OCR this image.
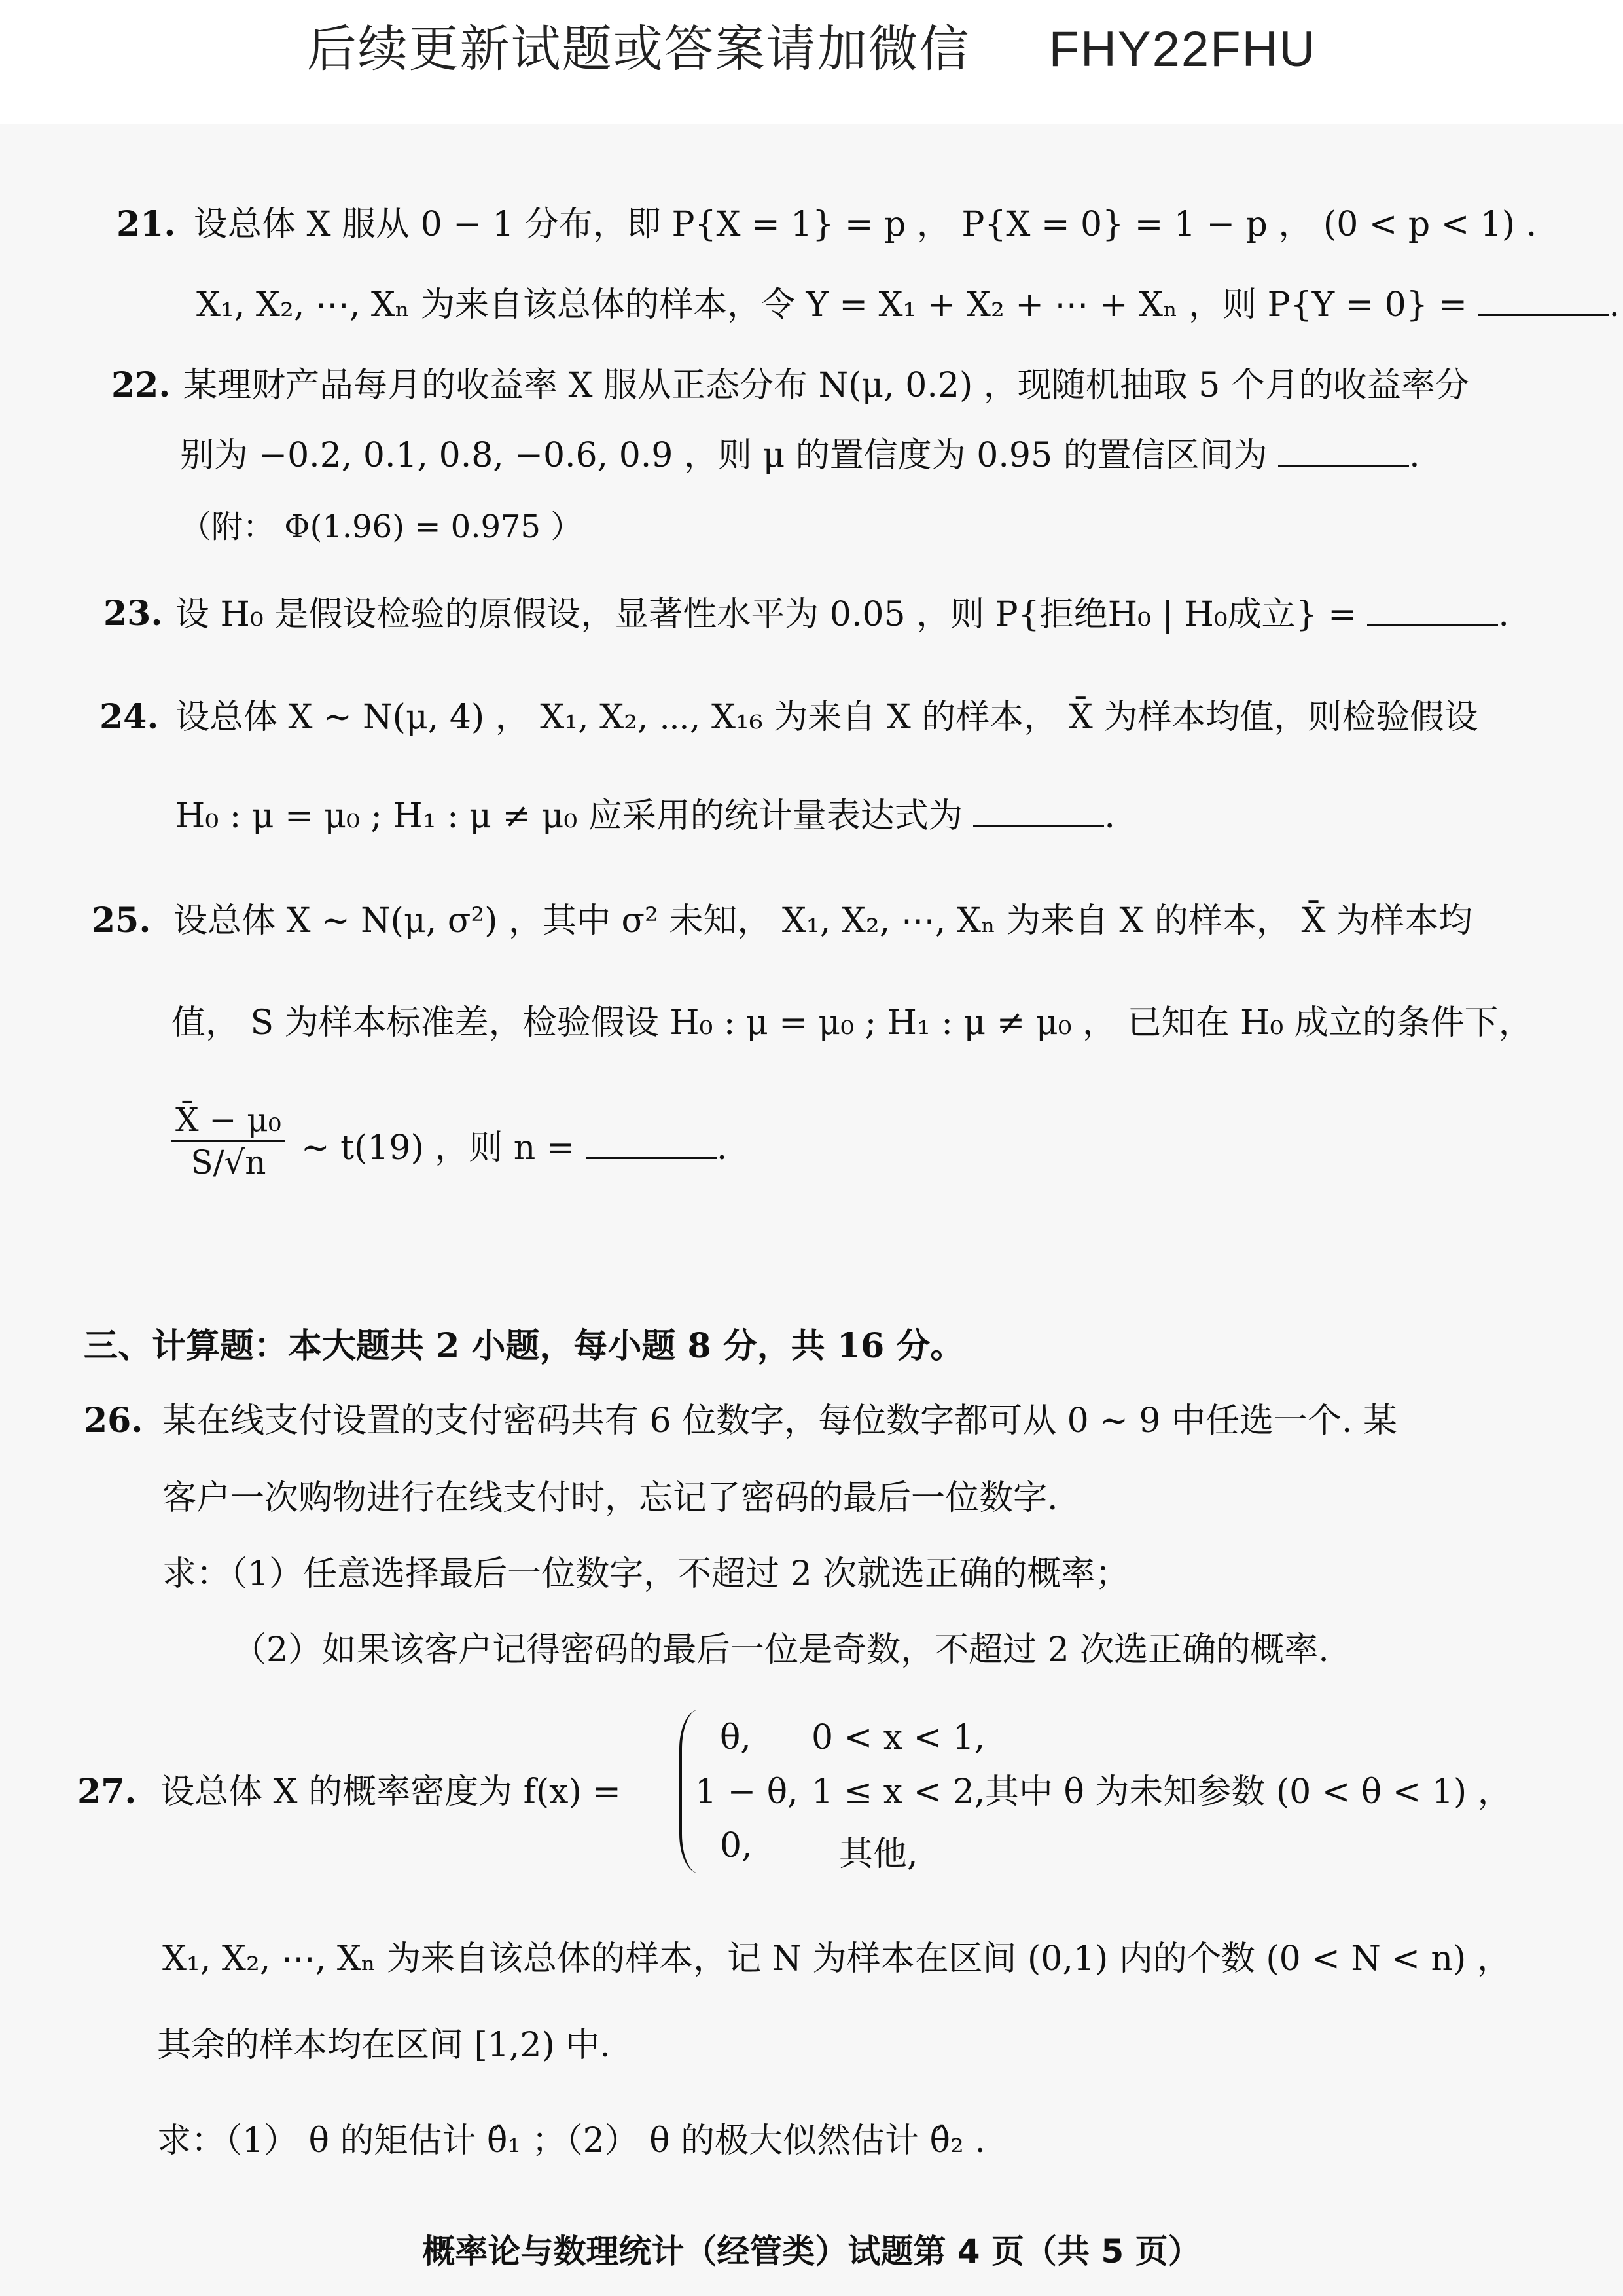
后续更新试题或答案请加微信 FHY22FHU
21. 设总体 X 服从 0 − 1 分布，即 P{X = 1} = p ， P{X = 0} = 1 − p ， (0 < p < 1) .
X₁, X₂, ⋯, Xₙ 为来自该总体的样本，令 Y = X₁ + X₂ + ⋯ + Xₙ ，则 P{Y = 0} =	.
22. 某理财产品每月的收益率 X 服从正态分布 N(μ, 0.2) ，现随机抽取 5 个月的收益率分
别为 −0.2, 0.1, 0.8, −0.6, 0.9 ，则 μ 的置信度为 0.95 的置信区间为	.
（附： Φ(1.96) = 0.975 ）
23. 设 H₀ 是假设检验的原假设，显著性水平为 0.05 ，则 P{拒绝H₀ | H₀成立} =	.
24. 设总体 X ~ N(μ, 4) ， X₁, X₂, ⋯, X₁₆ 为来自 X 的样本， X̄ 为样本均值，则检验假设
H₀ : μ = μ₀ ; H₁ : μ ≠ μ₀ 应采用的统计量表达式为	.
25. 设总体 X ~ N(μ, σ²) ，其中 σ² 未知， X₁, X₂, ⋯, Xₙ 为来自 X 的样本， X̄ 为样本均
值， S 为样本标准差，检验假设 H₀ : μ = μ₀ ; H₁ : μ ≠ μ₀ ， 已知在 H₀ 成立的条件下，
$\frac{\text{X̄ − μ₀}}{S/√n}$ ~ t(19) ，则 n =	.
三、计算题：本大题共 2 小题，每小题 8 分，共 16 分。
26. 某在线支付设置的支付密码共有 6 位数字，每位数字都可从 0 ~ 9 中任选一个. 某
客户一次购物进行在线支付时，忘记了密码的最后一位数字.
求：（1）任意选择最后一位数字，不超过 2 次就选正确的概率；
（2）如果该客户记得密码的最后一位是奇数，不超过 2 次选正确的概率.
27. 设总体 X 的概率密度为 f(x) =
θ, 0 < x < 1,
1 − θ, 1 ≤ x < 2,
0,	其他,
其中 θ 为未知参数 (0 < θ < 1) ，
X₁, X₂, ⋯, Xₙ 为来自该总体的样本，记 N 为样本在区间 (0,1) 内的个数 (0 < N < n) ，
其余的样本均在区间 [1,2) 中.
求：（1） θ 的矩估计 θ̂₁ ；（2） θ 的极大似然估计 θ̂₂ .
概率论与数理统计（经管类）试题第 4 页（共 5 页）
